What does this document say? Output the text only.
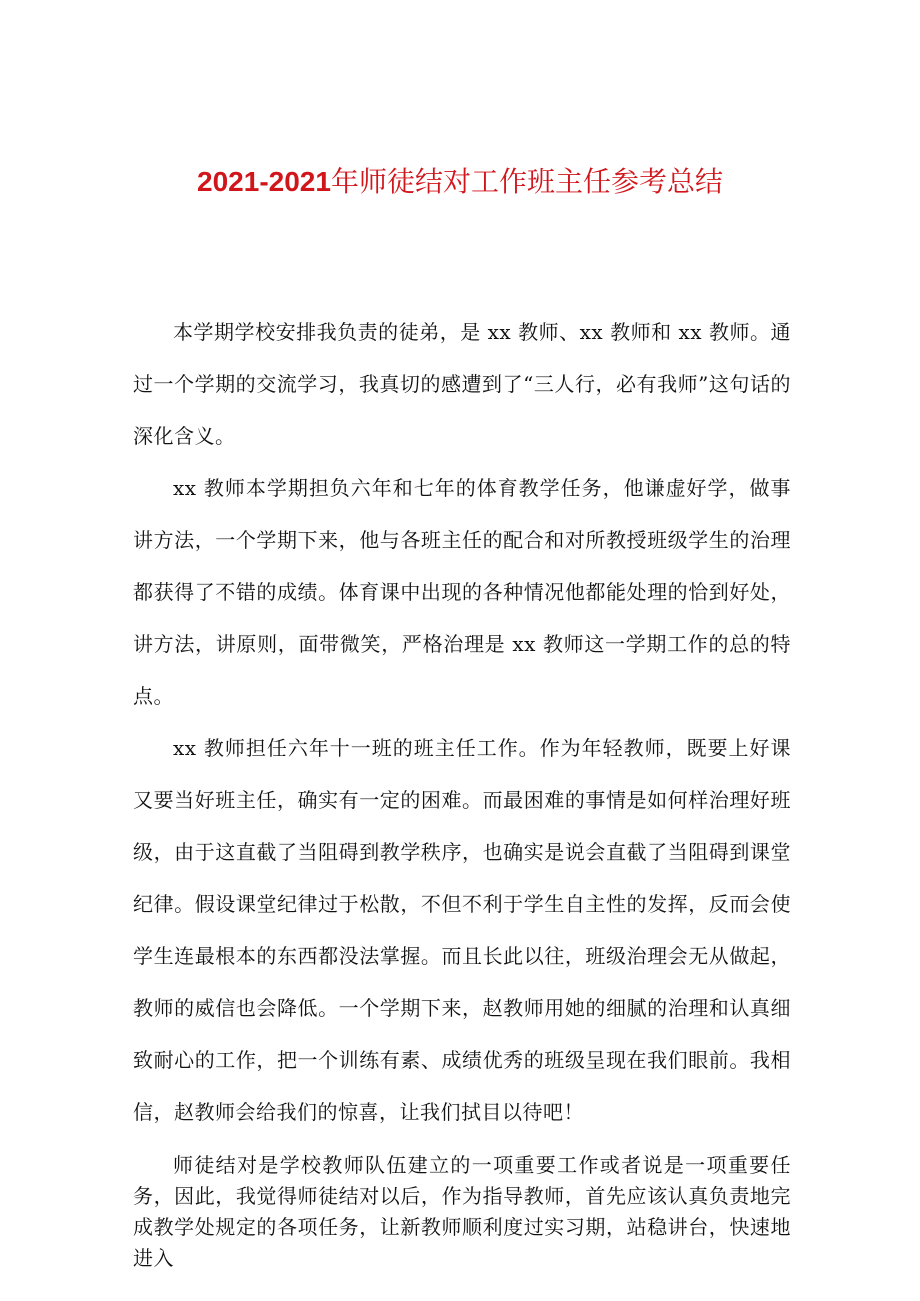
2021-2021年师徒结对工作班主任参考总结

本学期学校安排我负责的徒弟，是 xx 教师、xx 教师和 xx 教师。通过一个学期的交流学习，我真切的感遭到了“三人行，必有我师”这句话的深化含义。

xx 教师本学期担负六年和七年的体育教学任务，他谦虚好学，做事讲方法，一个学期下来，他与各班主任的配合和对所教授班级学生的治理都获得了不错的成绩。体育课中出现的各种情况他都能处理的恰到好处，讲方法，讲原则，面带微笑，严格治理是 xx 教师这一学期工作的总的特点。

xx 教师担任六年十一班的班主任工作。作为年轻教师，既要上好课又要当好班主任，确实有一定的困难。而最困难的事情是如何样治理好班级，由于这直截了当阻碍到教学秩序，也确实是说会直截了当阻碍到课堂纪律。假设课堂纪律过于松散，不但不利于学生自主性的发挥，反而会使学生连最根本的东西都没法掌握。而且长此以往，班级治理会无从做起，教师的威信也会降低。一个学期下来，赵教师用她的细腻的治理和认真细致耐心的工作，把一个训练有素、成绩优秀的班级呈现在我们眼前。我相信，赵教师会给我们的惊喜，让我们拭目以待吧！

师徒结对是学校教师队伍建立的一项重要工作或者说是一项重要任务，因此，我觉得师徒结对以后，作为指导教师，首先应该认真负责地完成教学处规定的各项任务，让新教师顺利度过实习期，站稳讲台，快速地进入
